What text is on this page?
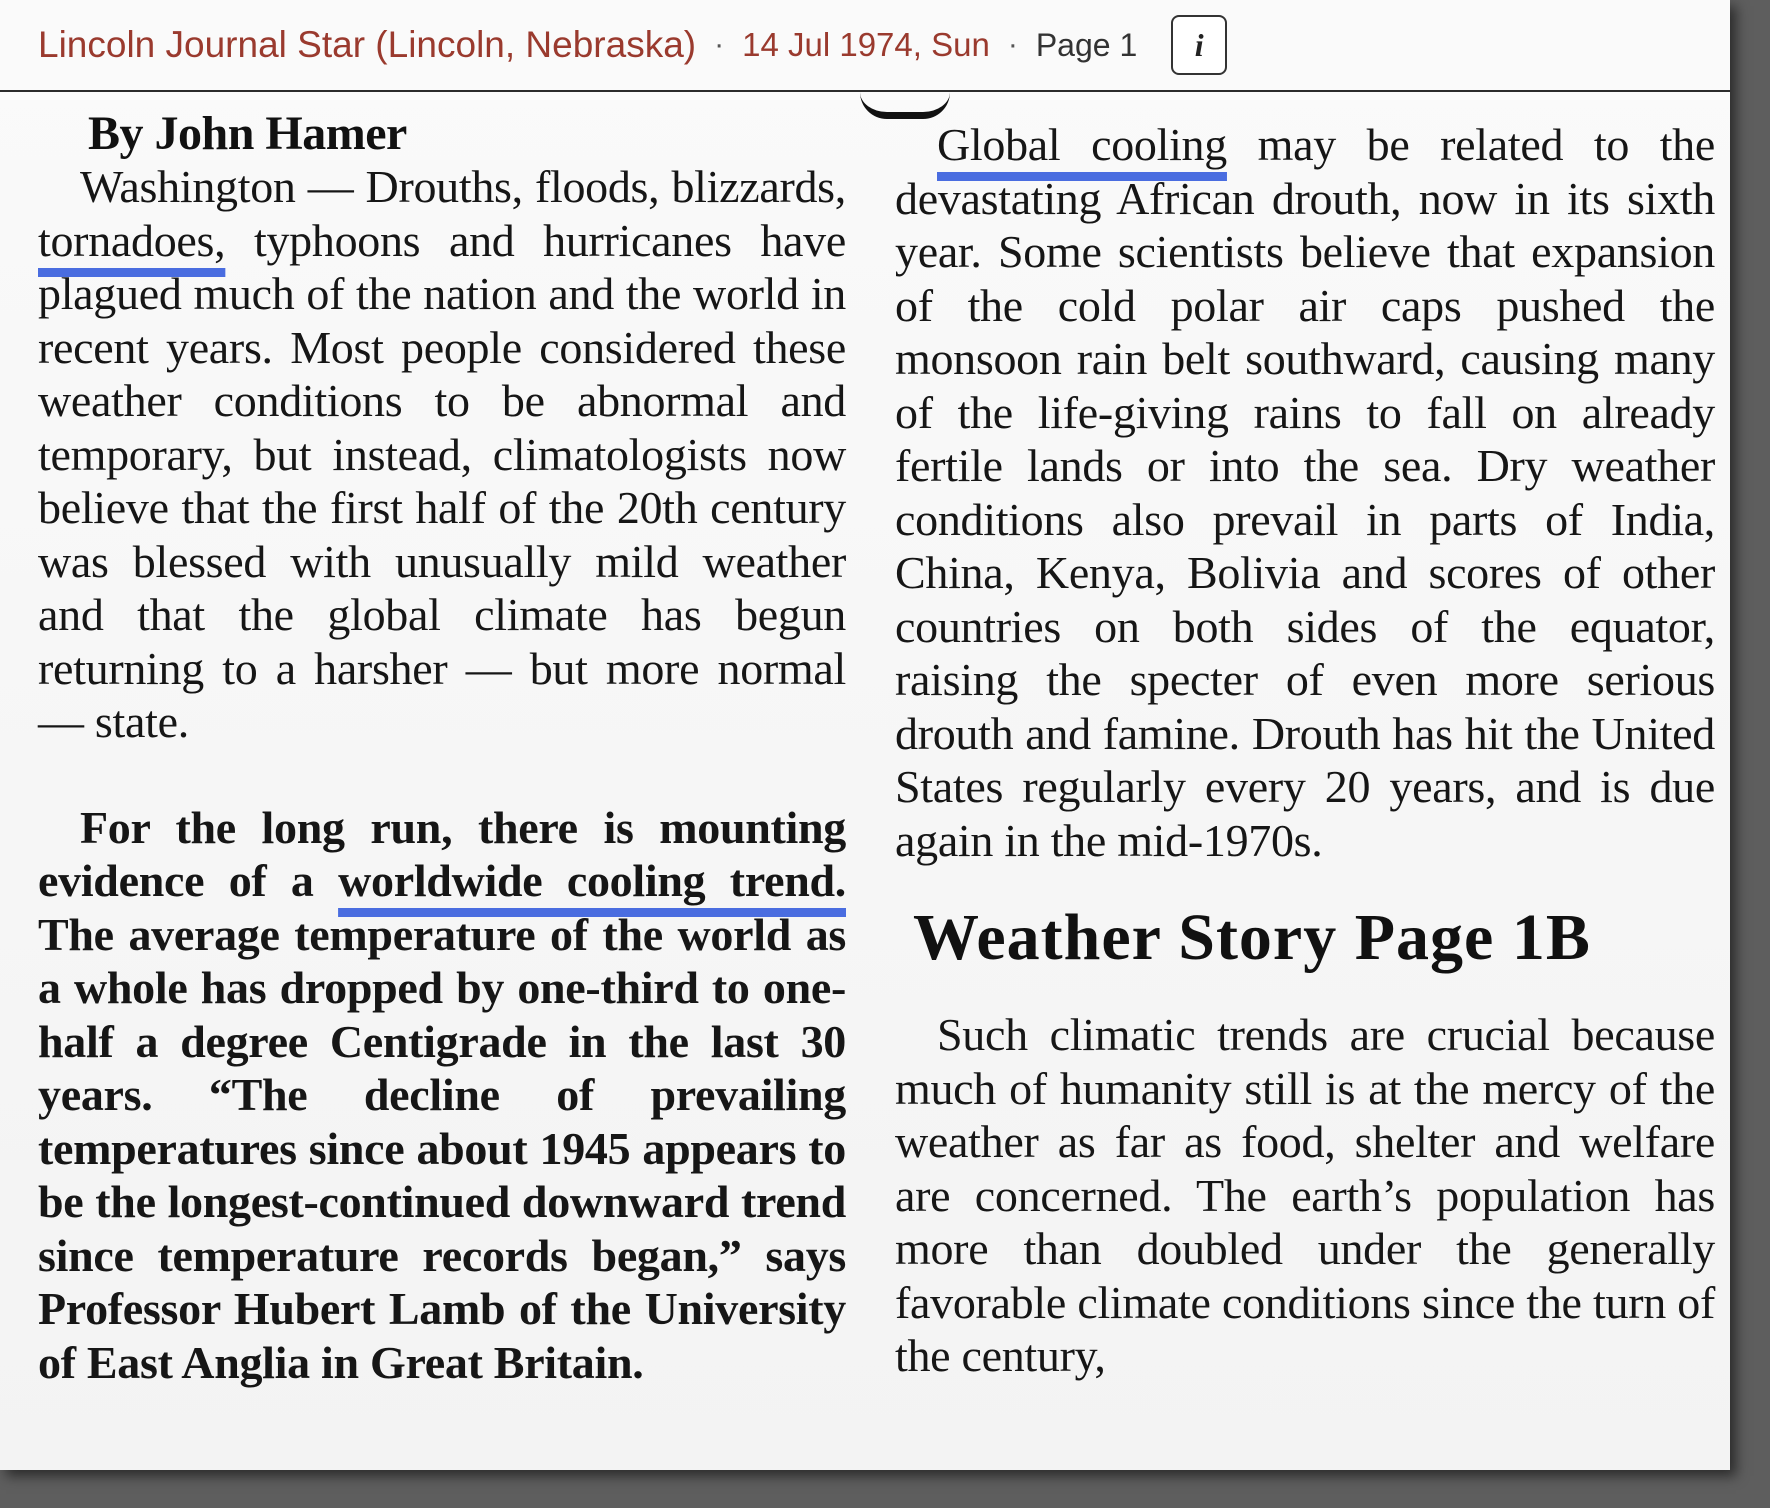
Lincoln Journal Star (Lincoln, Nebraska) · 14 Jul 1974, Sun · Page 1	i
By John Hamer

Washington — Drouths, floods, blizzards, tornadoes, typhoons and hurricanes have plagued much of the nation and the world in recent years. Most people considered these weather conditions to be abnormal and temporary, but instead, climatologists now believe that the first half of the 20th century was blessed with unusually mild weather and that the global climate has begun returning to a harsher — but more normal — state.

For the long run, there is mounting evidence of a worldwide cooling trend. The average temperature of the world as a whole has dropped by one-third to one-half a degree Centigrade in the last 30 years. “The decline of prevailing temperatures since about 1945 appears to be the longest-continued downward trend since temperature records began,” says Professor Hubert Lamb of the University of East Anglia in Great Britain.

Global cooling may be related to the devastating African drouth, now in its sixth year. Some scientists believe that expansion of the cold polar air caps pushed the monsoon rain belt southward, causing many of the life-giving rains to fall on already fertile lands or into the sea. Dry weather conditions also prevail in parts of India, China, Kenya, Bolivia and scores of other countries on both sides of the equator, raising the specter of even more serious drouth and famine. Drouth has hit the United States regularly every 20 years, and is due again in the mid-1970s.

Weather Story Page 1B

Such climatic trends are crucial because much of humanity still is at the mercy of the weather as far as food, shelter and welfare are concerned. The earth’s population has more than doubled under the generally favorable climate conditions since the turn of the century,
